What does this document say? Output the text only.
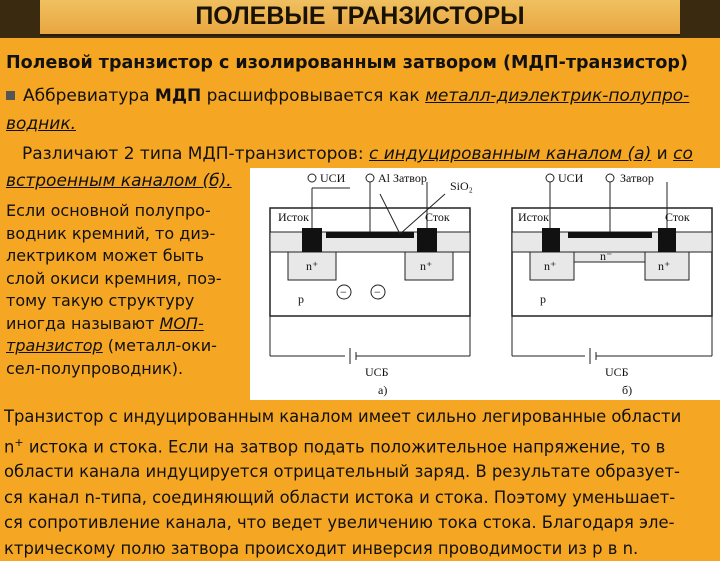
ПОЛЕВЫЕ ТРАНЗИСТОРЫ
Полевой транзистор с изолированным затвором (МДП-транзистор)
Аббревиатура МДП расшифровывается как металл-диэлектрик-полупро-
водник.
Различают 2 типа МДП-транзисторов: с индуцированным каналом (а) и со
встроенным каналом (б).
Если основной полупро-
водник кремний, то диэ-
лектриком может быть
слой окиси кремния, поэ-
тому такую структуру
иногда называют МОП-
транзистор (металл-оки-
сел-полупроводник).
− −
UСИ	Al Затвор
SiO₂
Исток	Сток
n⁺	n⁺
p
UСБ
а)
UСИ	Затвор
Исток	Сток
n⁺
n⁻
n⁺
p
UСБ
б)
Транзистор с индуцированным каналом имеет сильно легированные области
n+ истока и стока. Если на затвор подать положительное напряжение, то в
области канала индуцируется отрицательный заряд. В результате образует-
ся канал n-типа, соединяющий области истока и стока. Поэтому уменьшает-
ся сопротивление канала, что ведет увеличению тока стока. Благодаря эле-
ктрическому полю затвора происходит инверсия проводимости из p в n.
